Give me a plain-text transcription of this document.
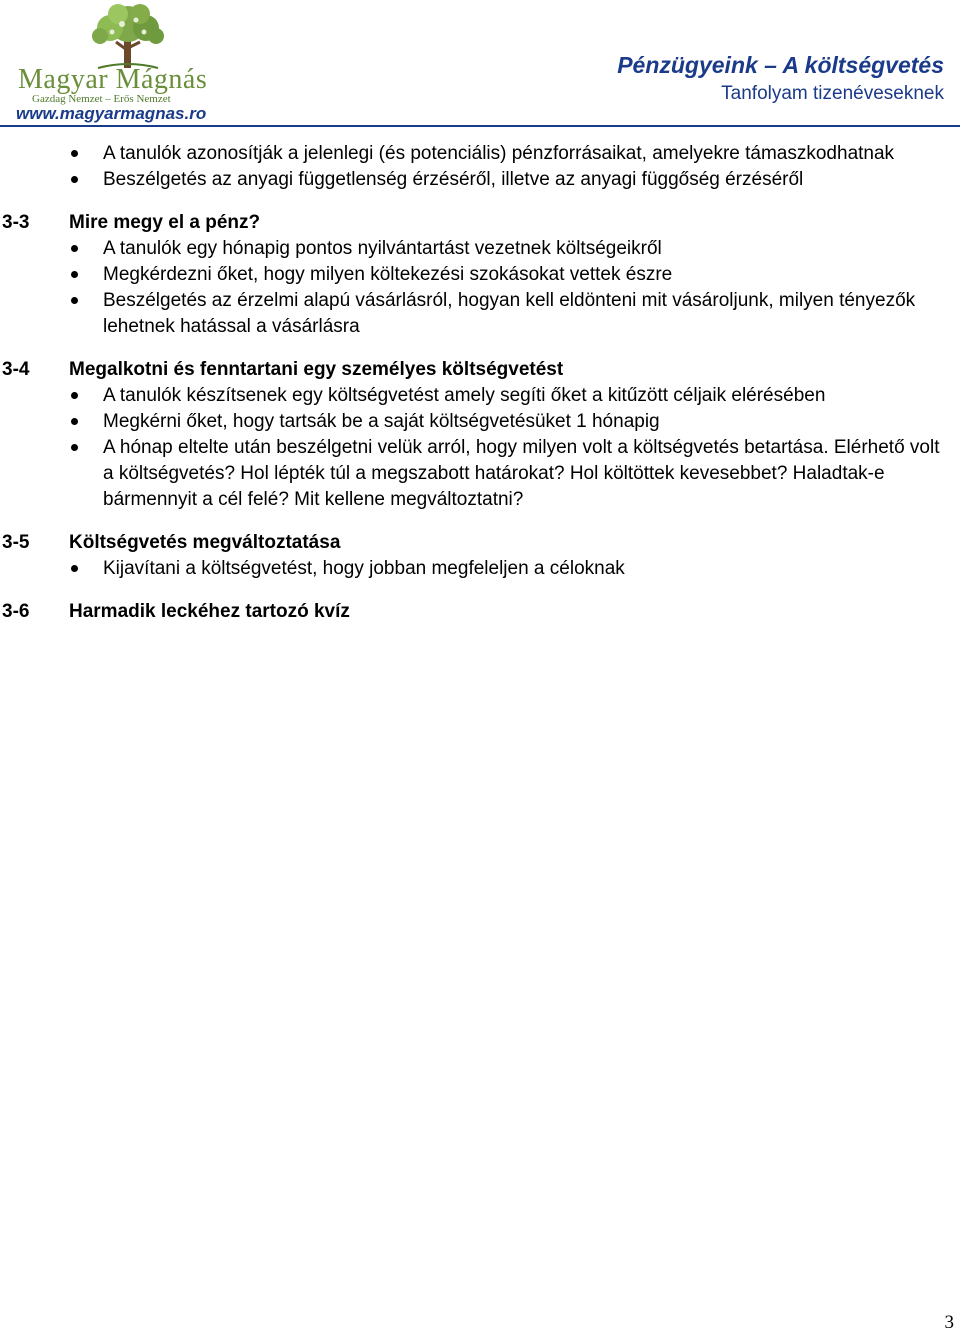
Magyar Mágnás
Gazdag Nemzet – Erős Nemzet
www.magyarmagnas.ro
Pénzügyeink – A költségvetés
Tanfolyam tizenéveseknek
A tanulók azonosítják a jelenlegi (és potenciális) pénzforrásaikat, amelyekre támaszkodhatnak
Beszélgetés az anyagi függetlenség érzéséről, illetve az anyagi függőség érzéséről
3-3 Mire megy el a pénz?
A tanulók egy hónapig pontos nyilvántartást vezetnek költségeikről
Megkérdezni őket, hogy milyen költekezési szokásokat vettek észre
Beszélgetés az érzelmi alapú vásárlásról, hogyan kell eldönteni mit vásároljunk, milyen tényezők lehetnek hatással a vásárlásra
3-4 Megalkotni és fenntartani egy személyes költségvetést
A tanulók készítsenek egy költségvetést amely segíti őket a kitűzött céljaik elérésében
Megkérni őket, hogy tartsák be a saját költségvetésüket 1 hónapig
A hónap eltelte után beszélgetni velük arról, hogy milyen volt a költségvetés betartása. Elérhető volt a költségvetés? Hol lépték túl a megszabott határokat? Hol költöttek kevesebbet? Haladtak-e bármennyit a cél felé? Mit kellene megváltoztatni?
3-5 Költségvetés megváltoztatása
Kijavítani a költségvetést, hogy jobban megfeleljen a céloknak
3-6 Harmadik leckéhez tartozó kvíz
3
